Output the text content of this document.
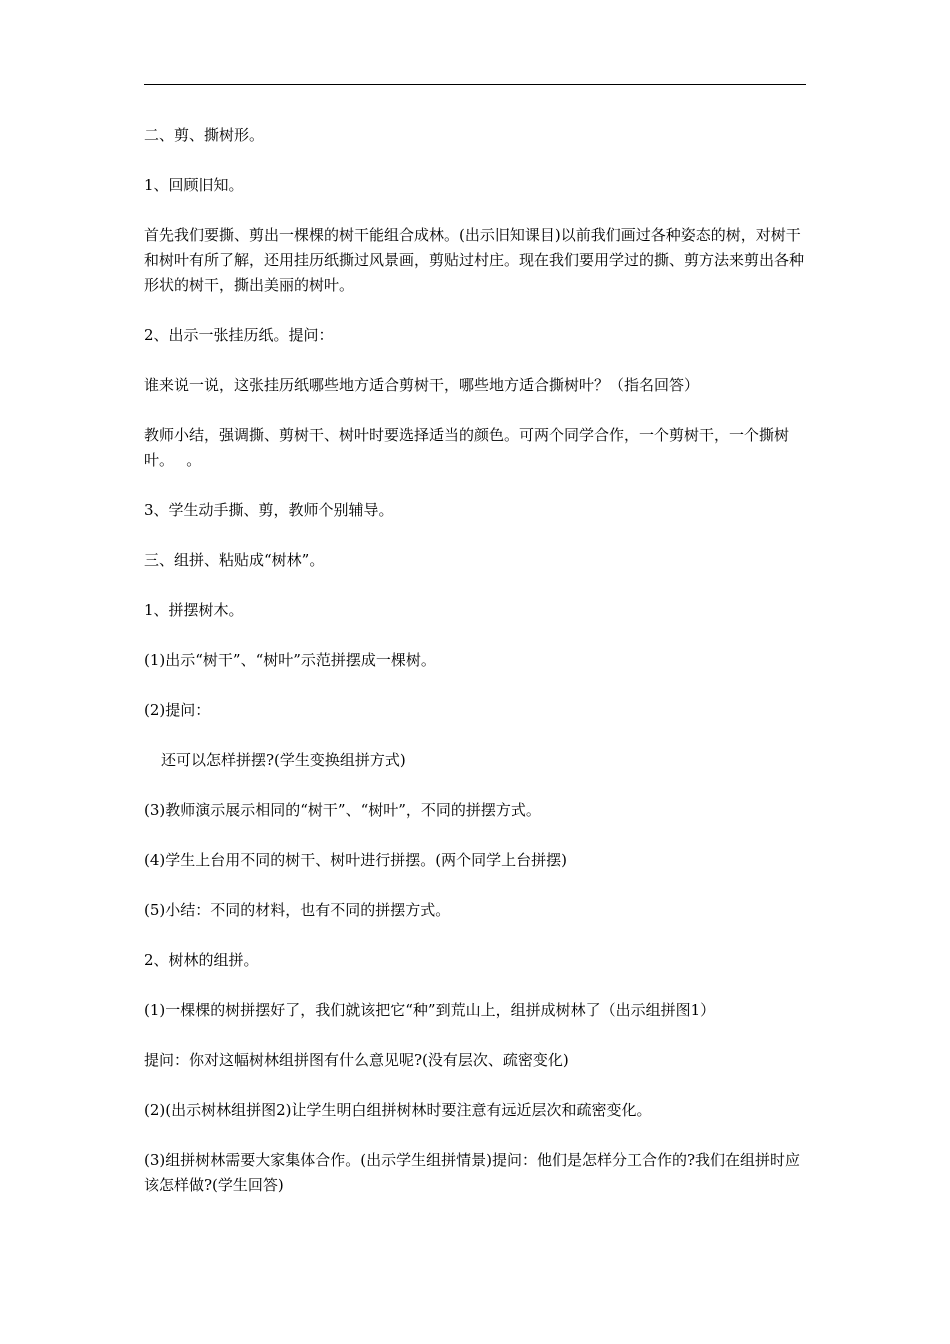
二、剪、撕树形。

1、回顾旧知。

首先我们要撕、剪出一棵棵的树干能组合成林。(出示旧知课目)以前我们画过各种姿态的树，对树干和树叶有所了解，还用挂历纸撕过风景画，剪贴过村庄。现在我们要用学过的撕、剪方法来剪出各种形状的树干，撕出美丽的树叶。

2、出示一张挂历纸。提问：

谁来说一说，这张挂历纸哪些地方适合剪树干，哪些地方适合撕树叶？（指名回答）

教师小结，强调撕、剪树干、树叶时要选择适当的颜色。可两个同学合作，一个剪树干，一个撕树叶。　 。

3、学生动手撕、剪，教师个别辅导。

三、组拼、粘贴成“树林”。

1、拼摆树木。

(1)出示“树干”、“树叶”示范拼摆成一棵树。

(2)提问：

还可以怎样拼摆?(学生变换组拼方式)

(3)教师演示展示相同的“树干”、“树叶”，不同的拼摆方式。

(4)学生上台用不同的树干、树叶进行拼摆。(两个同学上台拼摆)

(5)小结：不同的材料，也有不同的拼摆方式。

2、树林的组拼。

(1)一棵棵的树拼摆好了，我们就该把它“种”到荒山上，组拼成树林了（出示组拼图1）

提问：你对这幅树林组拼图有什么意见呢?(没有层次、疏密变化)

(2)(出示树林组拼图2)让学生明白组拼树林时要注意有远近层次和疏密变化。

(3)组拼树林需要大家集体合作。(出示学生组拼情景)提问：他们是怎样分工合作的?我们在组拼时应该怎样做?(学生回答)
